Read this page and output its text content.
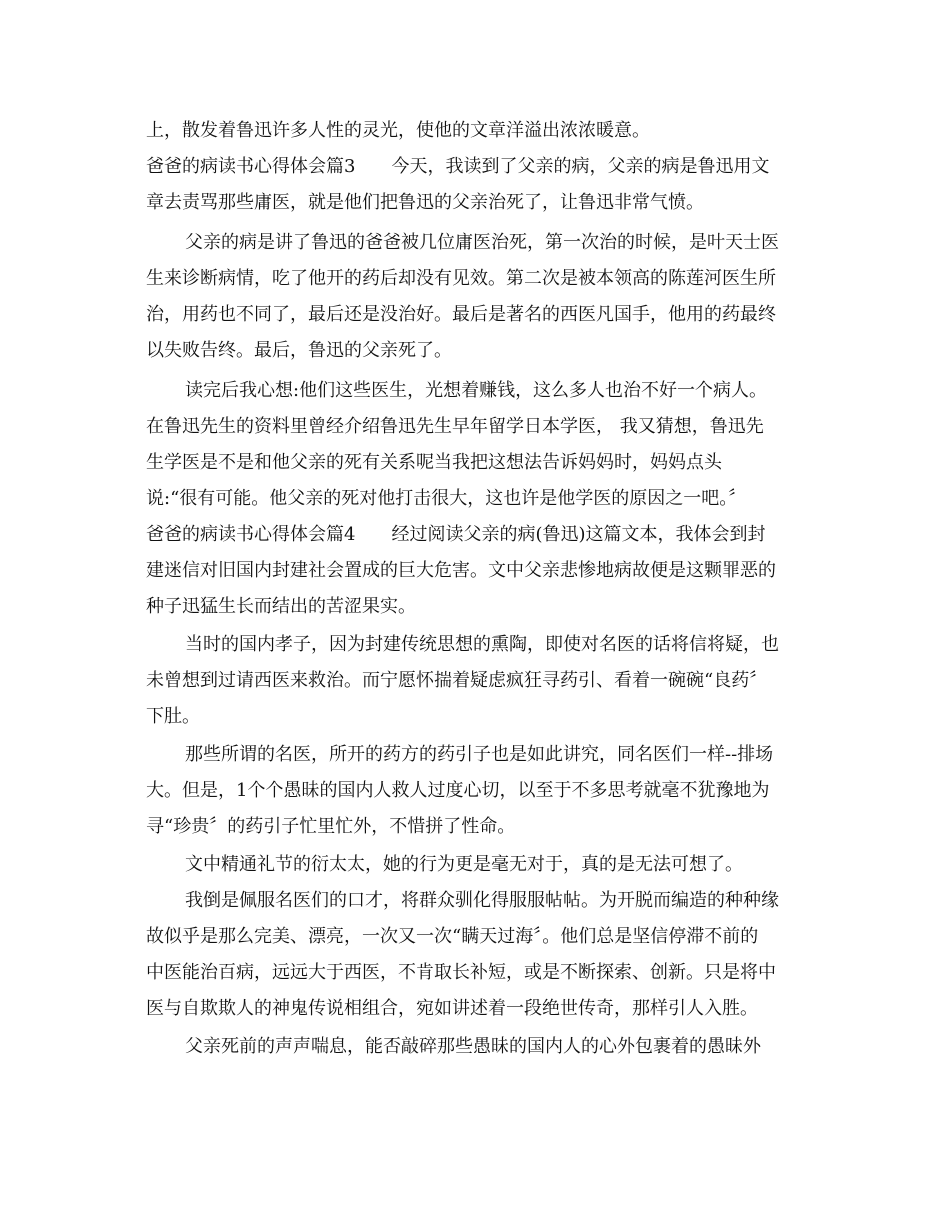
上，散发着鲁迅许多人性的灵光，使他的文章洋溢出浓浓暖意。
爸爸的病读书心得体会篇3　　今天，我读到了父亲的病，父亲的病是鲁迅用文
章去责骂那些庸医，就是他们把鲁迅的父亲治死了，让鲁迅非常气愤。
父亲的病是讲了鲁迅的爸爸被几位庸医治死，第一次治的时候，是叶天士医
生来诊断病情，吃了他开的药后却没有见效。第二次是被本领高的陈莲河医生所
治，用药也不同了，最后还是没治好。最后是著名的西医凡国手，他用的药最终
以失败告终。最后，鲁迅的父亲死了。
读完后我心想:他们这些医生，光想着赚钱，这么多人也治不好一个病人。
在鲁迅先生的资料里曾经介绍鲁迅先生早年留学日本学医， 我又猜想，鲁迅先
生学医是不是和他父亲的死有关系呢当我把这想法告诉妈妈时，妈妈点头
说:“很有可能。他父亲的死对他打击很大，这也许是他学医的原因之一吧。〞
爸爸的病读书心得体会篇4　　经过阅读父亲的病(鲁迅)这篇文本，我体会到封
建迷信对旧国内封建社会置成的巨大危害。文中父亲悲惨地病故便是这颗罪恶的
种子迅猛生长而结出的苦涩果实。
当时的国内孝子，因为封建传统思想的熏陶，即使对名医的话将信将疑，也
未曾想到过请西医来救治。而宁愿怀揣着疑虑疯狂寻药引、看着一碗碗“良药〞
下肚。
那些所谓的名医，所开的药方的药引子也是如此讲究，同名医们一样--排场
大。但是，1个个愚昧的国内人救人过度心切，以至于不多思考就毫不犹豫地为
寻“珍贵〞的药引子忙里忙外，不惜拼了性命。
文中精通礼节的衍太太，她的行为更是毫无对于，真的是无法可想了。
我倒是佩服名医们的口才，将群众驯化得服服帖帖。为开脱而编造的种种缘
故似乎是那么完美、漂亮，一次又一次“瞒天过海〞。他们总是坚信停滞不前的
中医能治百病，远远大于西医，不肯取长补短，或是不断探索、创新。只是将中
医与自欺欺人的神鬼传说相组合，宛如讲述着一段绝世传奇，那样引人入胜。
父亲死前的声声喘息，能否敲碎那些愚昧的国内人的心外包裹着的愚昧外
